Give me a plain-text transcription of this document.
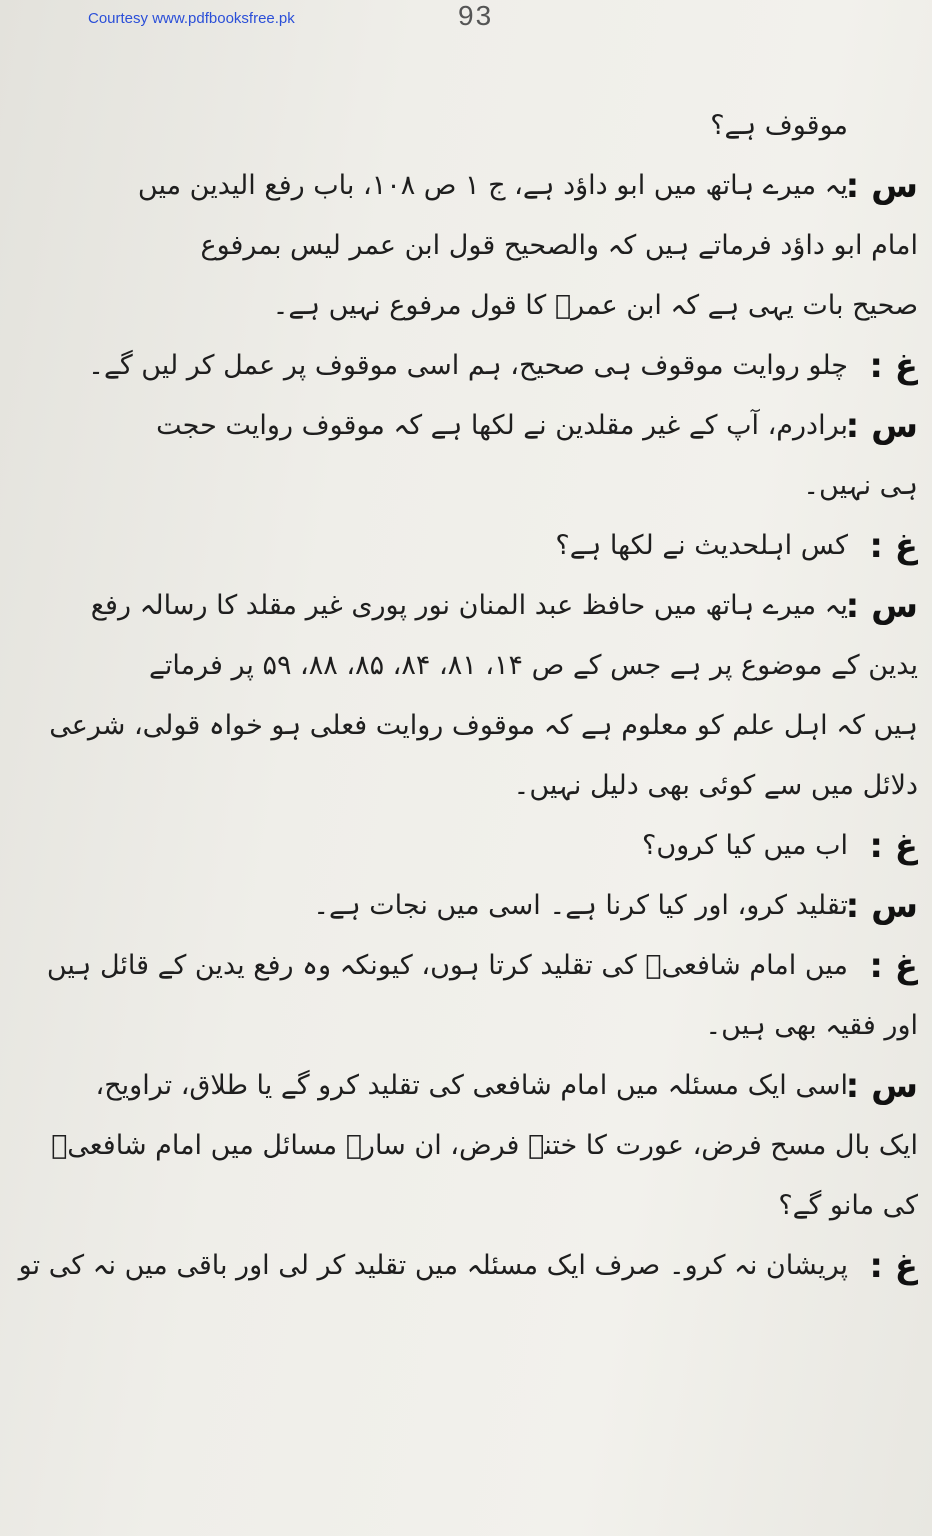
Courtesy www.pdfbooksfree.pk	93
موقوف ہے؟
س :
یہ میرے ہاتھ میں ابو داؤد ہے، ج ۱ ص ۱۰۸، باب رفع الیدین میں
امام ابو داؤد فرماتے ہیں کہ والصحیح قول ابن عمر لیس بمرفوع
صحیح بات یہی ہے کہ ابن عمرؓ کا قول مرفوع نہیں ہے۔
غ :
چلو روایت موقوف ہی صحیح، ہم اسی موقوف پر عمل کر لیں گے۔
س :
برادرم، آپ کے غیر مقلدین نے لکھا ہے کہ موقوف روایت حجت
ہی نہیں۔
غ :
کس اہلحدیث نے لکھا ہے؟
س :
یہ میرے ہاتھ میں حافظ عبد المنان نور پوری غیر مقلد کا رسالہ رفع
یدین کے موضوع پر ہے جس کے ص ۱۴، ۸۱، ۸۴، ۸۵، ۸۸، ۵۹ پر فرماتے
ہیں کہ اہل علم کو معلوم ہے کہ موقوف روایت فعلی ہو خواہ قولی، شرعی
دلائل میں سے کوئی بھی دلیل نہیں۔
غ :
اب میں کیا کروں؟
س :
تقلید کرو، اور کیا کرنا ہے۔ اسی میں نجات ہے۔
غ :
میں امام شافعیؒ کی تقلید کرتا ہوں، کیونکہ وہ رفع یدین کے قائل ہیں
اور فقیہ بھی ہیں۔
س :
اسی ایک مسئلہ میں امام شافعی کی تقلید کرو گے یا طلاق، تراویح،
ایک بال مسح فرض، عورت کا ختنہ فرض، ان سارے مسائل میں امام شافعیؒ
کی مانو گے؟
غ :
پریشان نہ کرو۔ صرف ایک مسئلہ میں تقلید کر لی اور باقی میں نہ کی تو
